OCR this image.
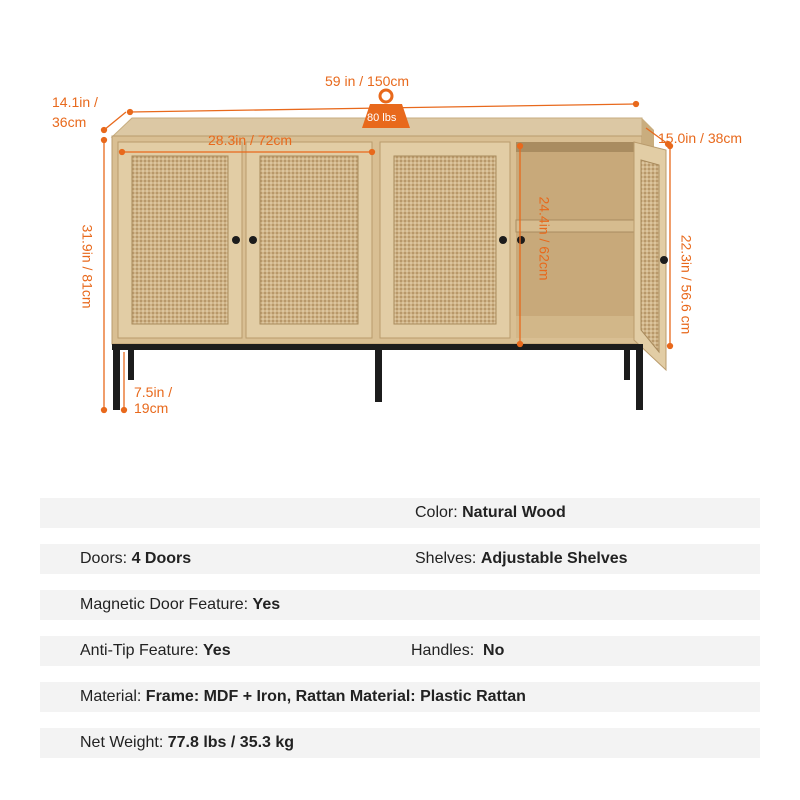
59 in / 150cm
80 lbs
14.1in / 36cm
28.3in / 72cm	15.0in / 38cm
31.9in / 81cm	24.4in / 62cm	22.3in / 56.6 cm
7.5in / 19cm
Color: Natural Wood
Doors: 4 Doors	Shelves: Adjustable Shelves
Magnetic Door Feature: Yes
Anti-Tip Feature: Yes	Handles:  No
Material: Frame: MDF + Iron, Rattan Material: Plastic Rattan
Net Weight: 77.8 lbs / 35.3 kg
